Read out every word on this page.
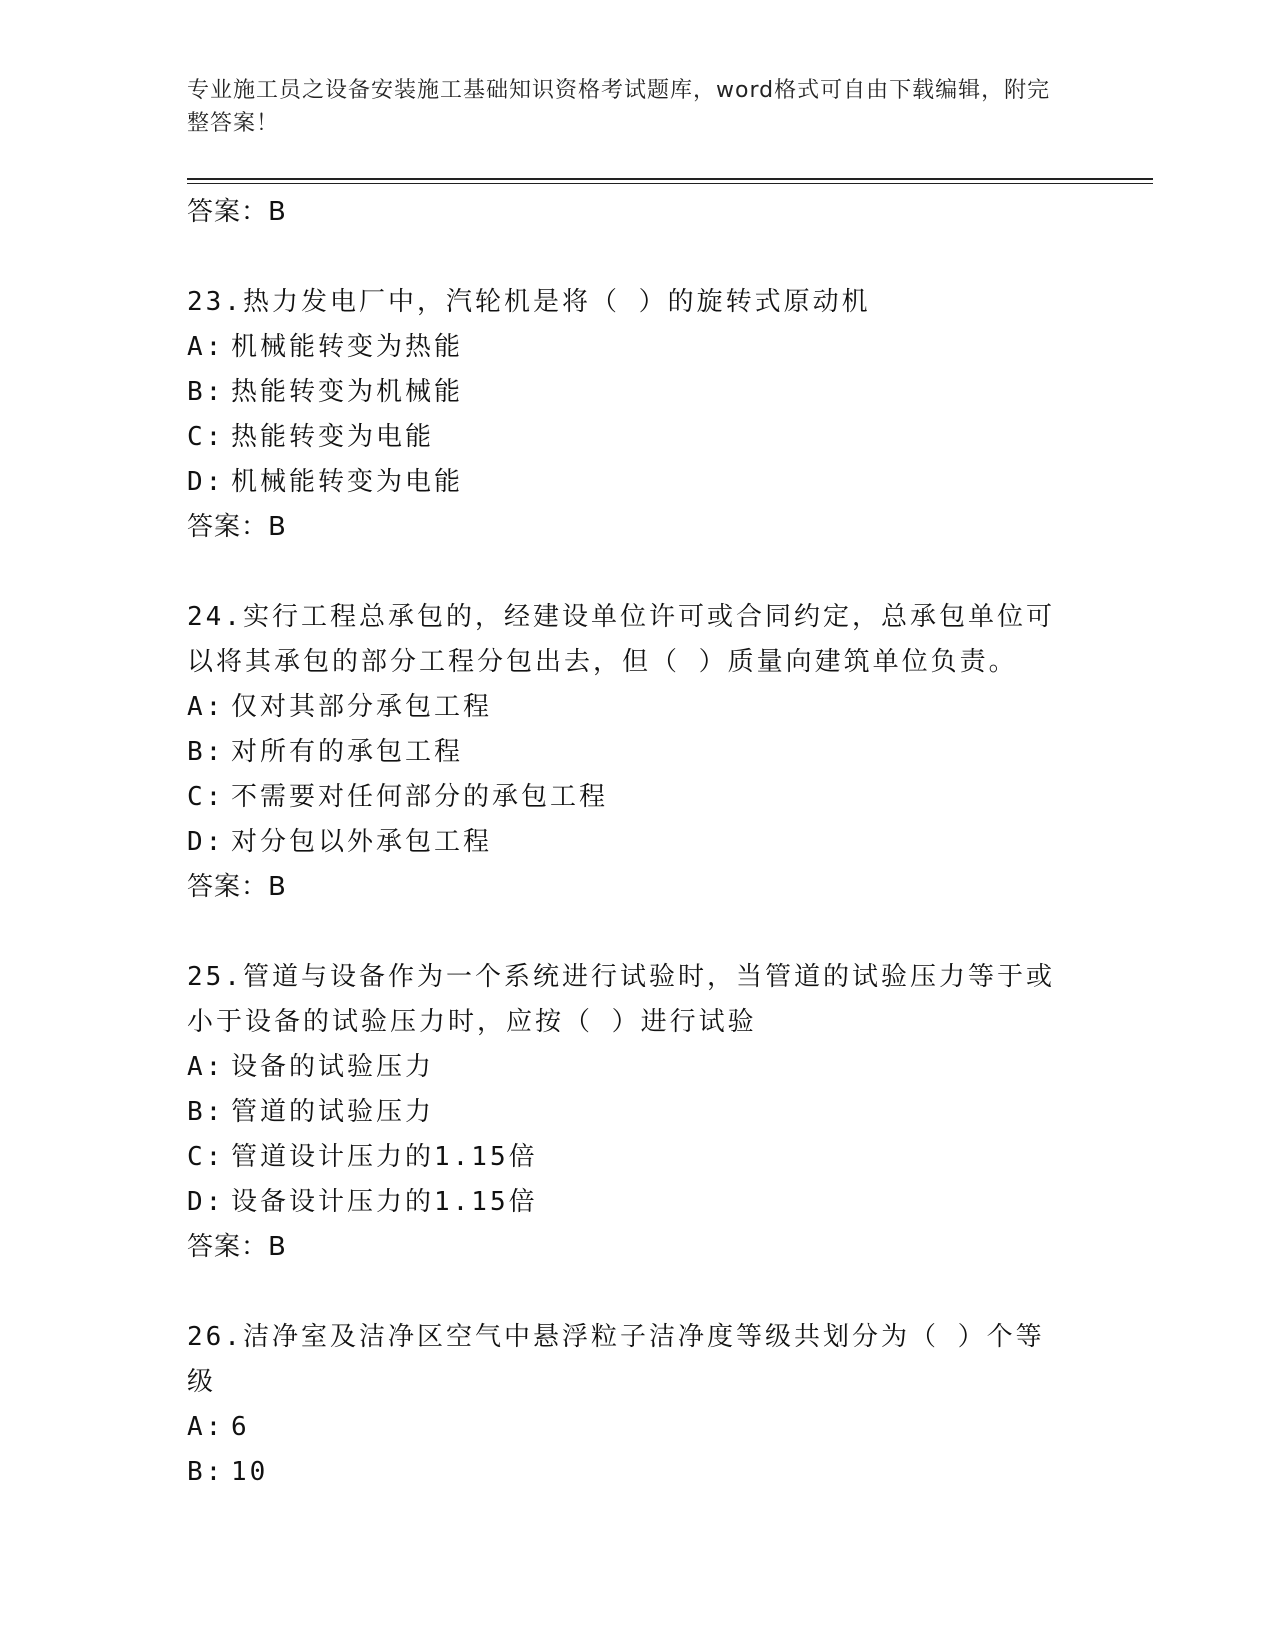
专业施工员之设备安装施工基础知识资格考试题库，word格式可自由下载编辑，附完整答案！
答案：B
23.热力发电厂中，汽轮机是将（ ）的旋转式原动机
A: 机械能转变为热能
B: 热能转变为机械能
C: 热能转变为电能
D: 机械能转变为电能
答案：B
24.实行工程总承包的，经建设单位许可或合同约定，总承包单位可以将其承包的部分工程分包出去，但（ ）质量向建筑单位负责。
A: 仅对其部分承包工程
B: 对所有的承包工程
C: 不需要对任何部分的承包工程
D: 对分包以外承包工程
答案：B
25.管道与设备作为一个系统进行试验时，当管道的试验压力等于或小于设备的试验压力时，应按（ ）进行试验
A: 设备的试验压力
B: 管道的试验压力
C: 管道设计压力的1.15倍
D: 设备设计压力的1.15倍
答案：B
26.洁净室及洁净区空气中悬浮粒子洁净度等级共划分为（ ）个等级
A: 6
B: 10
